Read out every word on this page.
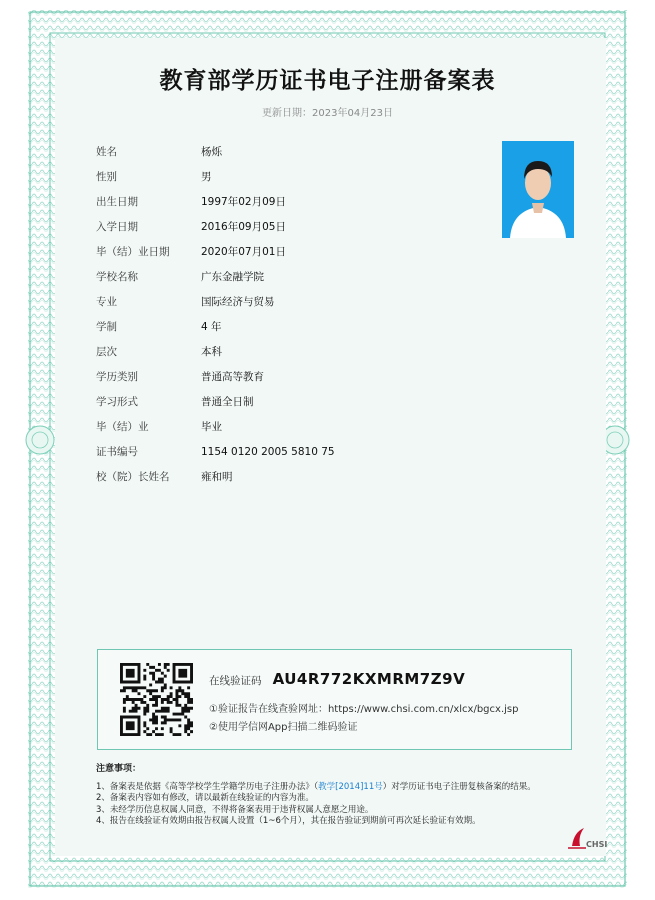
教育部学历证书电子注册备案表
更新日期：2023年04月23日
姓名	杨烁
性别	男
出生日期	1997年02月09日
入学日期	2016年09月05日
毕（结）业日期	2020年07月01日
学校名称	广东金融学院
专业	国际经济与贸易
学制	4 年
层次	本科
学历类别	普通高等教育
学习形式	普通全日制
毕（结）业	毕业
证书编号	1154 0120 2005 5810 75
校（院）长姓名	雍和明
在线验证码 AU4R772KXMRM7Z9V
①验证报告在线查验网址：https://www.chsi.com.cn/xlcx/bgcx.jsp
②使用学信网App扫描二维码验证
注意事项：
1、备案表是依据《高等学校学生学籍学历电子注册办法》（教学[2014]11号）对学历证书电子注册复核备案的结果。
2、备案表内容如有修改，请以最新在线验证的内容为准。
3、未经学历信息权属人同意，不得将备案表用于违背权属人意愿之用途。
4、报告在线验证有效期由报告权属人设置（1~6个月），其在报告验证到期前可再次延长验证有效期。
CHSI
